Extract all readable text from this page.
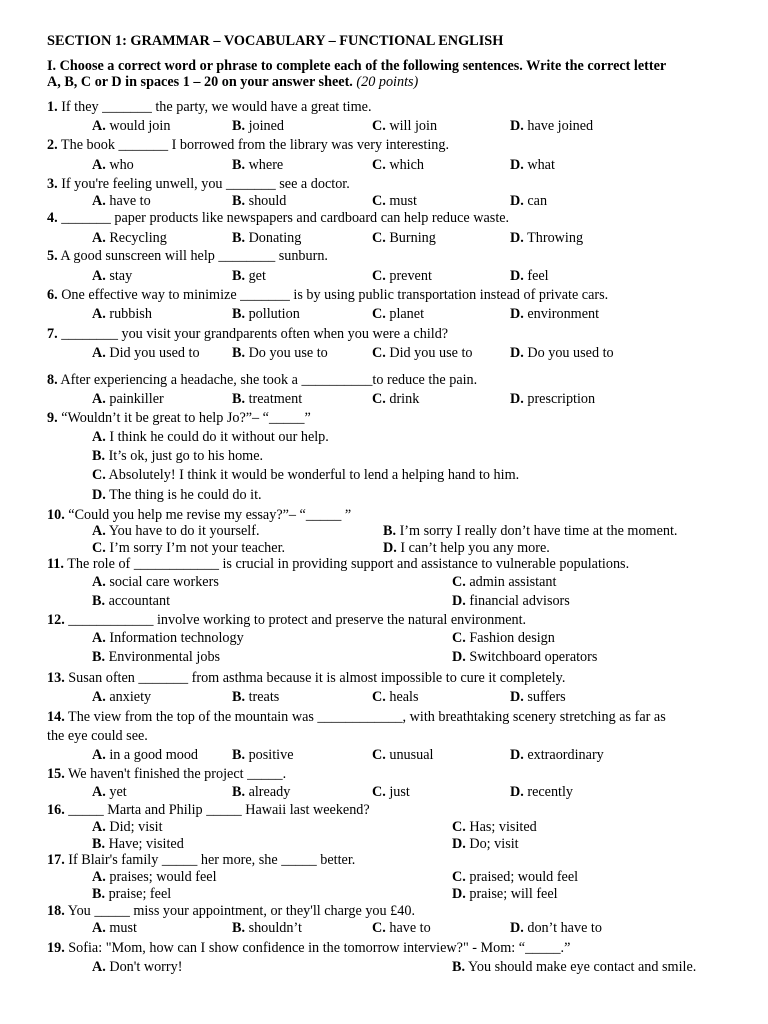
SECTION 1: GRAMMAR – VOCABULARY – FUNCTIONAL ENGLISH
I. Choose a correct word or phrase to complete each of the following sentences. Write the correct letter
A, B, C or D in spaces 1 – 20 on your answer sheet. (20 points)
1. If they _______ the party, we would have a great time.
A. would join	B. joined	C. will join	D. have joined
2. The book _______ I borrowed from the library was very interesting.
A. who	B. where	C. which	D. what
3. If you're feeling unwell, you _______ see a doctor.
A. have to	B. should	C. must	D. can
4. _______ paper products like newspapers and cardboard can help reduce waste.
A. Recycling	B. Donating	C. Burning	D. Throwing
5. A good sunscreen will help ________ sunburn.
A. stay	B. get	C. prevent	D. feel
6. One effective way to minimize _______ is by using public transportation instead of private cars.
A. rubbish	B. pollution	C. planet	D. environment
7. ________ you visit your grandparents often when you were a child?
A. Did you used to B. Do you use to	C. Did you use to	D. Do you used to
8. After experiencing a headache, she took a __________to reduce the pain.
A. painkiller	B. treatment	C. drink	D. prescription
9. “Wouldn’t it be great to help Jo?”– “_____”
A. I think he could do it without our help.
B. It’s ok, just go to his home.
C. Absolutely! I think it would be wonderful to lend a helping hand to him.
D. The thing is he could do it.
10. “Could you help me revise my essay?”– “_____ ”
A. You have to do it yourself.	B. I’m sorry I really don’t have time at the moment.
C. I’m sorry I’m not your teacher.	D. I can’t help you any more.
11. The role of ____________ is crucial in providing support and assistance to vulnerable populations.
A. social care workers	C. admin assistant
B. accountant	D. financial advisors
12. ____________ involve working to protect and preserve the natural environment.
A. Information technology	C. Fashion design
B. Environmental jobs	D. Switchboard operators
13. Susan often _______ from asthma because it is almost impossible to cure it completely.
A. anxiety	B. treats	C. heals	D. suffers
14. The view from the top of the mountain was ____________, with breathtaking scenery stretching as far as
the eye could see.
A. in a good mood B. positive	C. unusual	D. extraordinary
15. We haven't finished the project _____.
A. yet	B. already	C. just	D. recently
16. _____ Marta and Philip _____ Hawaii last weekend?
A. Did; visit	C. Has; visited
B. Have; visited	D. Do; visit
17. If Blair's family _____ her more, she _____ better.
A. praises; would feel	C. praised; would feel
B. praise; feel	D. praise; will feel
18. You _____ miss your appointment, or they'll charge you £40.
A. must	B. shouldn’t	C. have to	D. don’t have to
19. Sofia: "Mom, how can I show confidence in the tomorrow interview?" - Mom: “_____.”
A. Don't worry!	B. You should make eye contact and smile.
